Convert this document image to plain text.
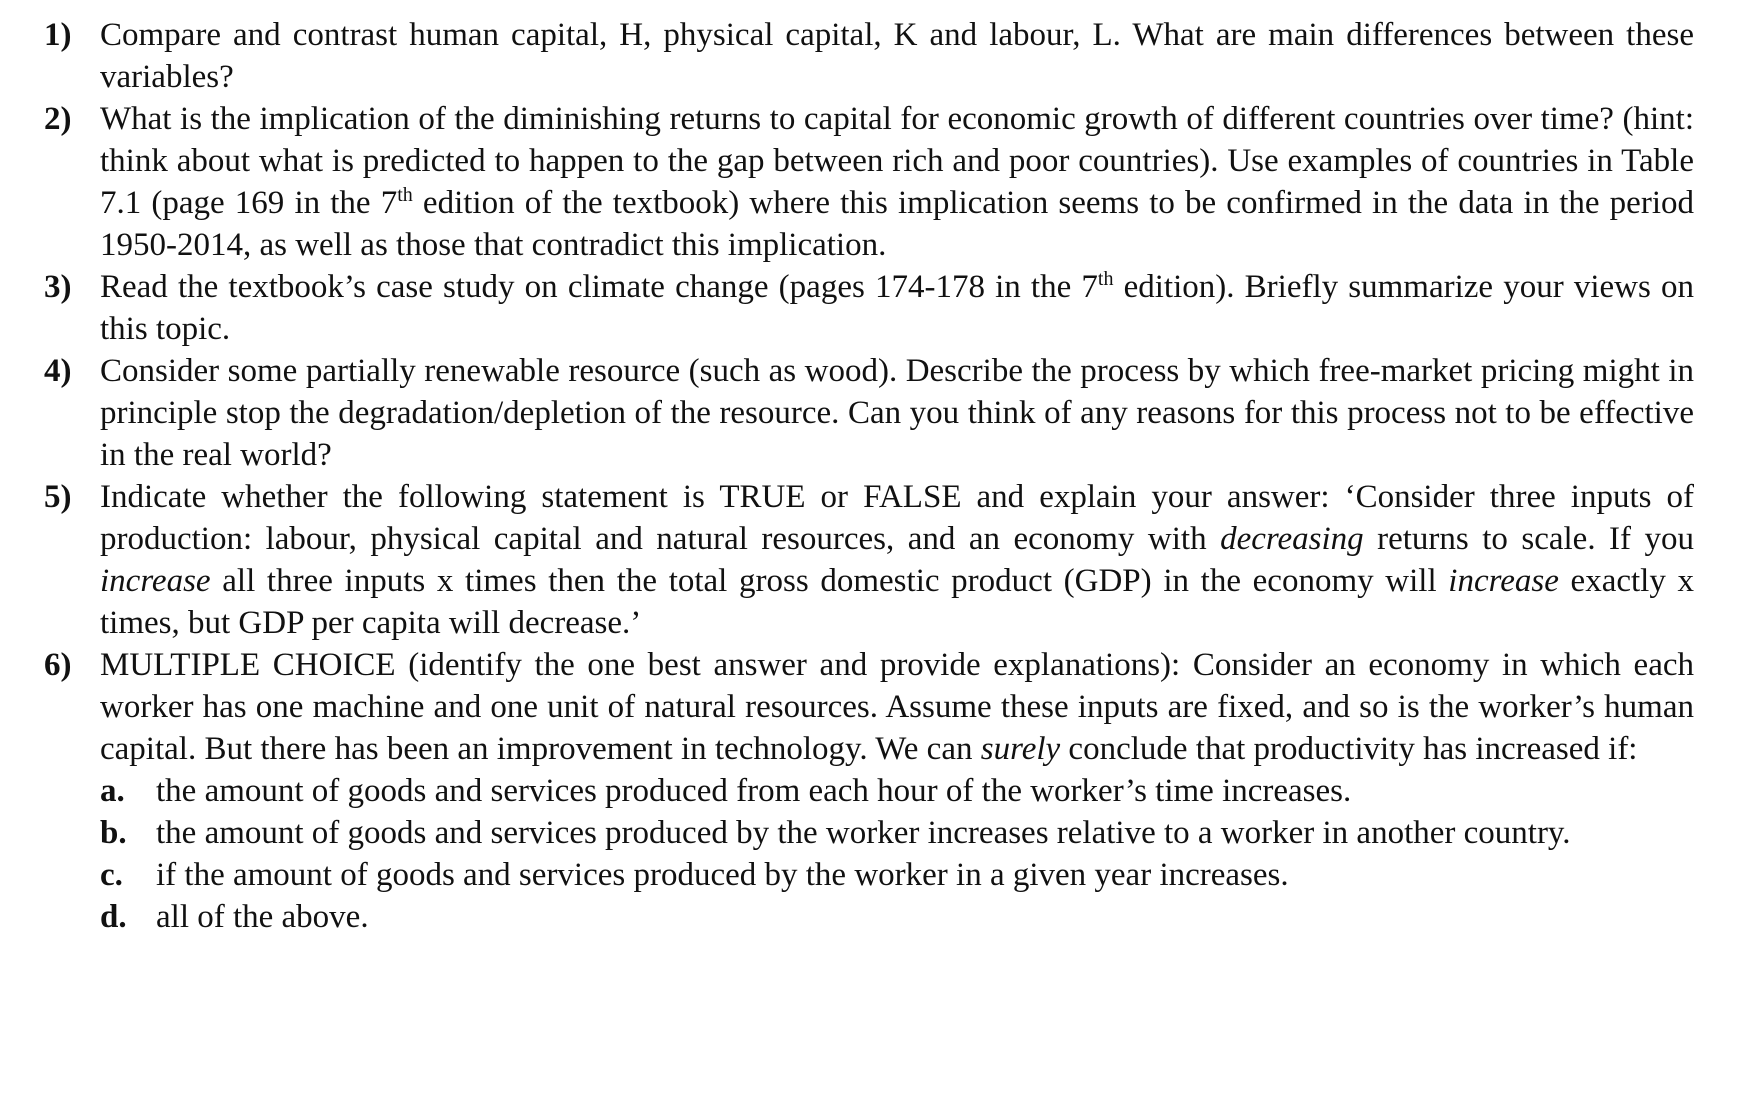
1) Compare and contrast human capital, H, physical capital, K and labour, L. What are main differences between these variables?
2) What is the implication of the diminishing returns to capital for economic growth of different countries over time? (hint: think about what is predicted to happen to the gap between rich and poor countries). Use examples of countries in Table 7.1 (page 169 in the 7th edition of the textbook) where this implication seems to be confirmed in the data in the period 1950-2014, as well as those that contradict this implication.
3) Read the textbook’s case study on climate change (pages 174-178 in the 7th edition). Briefly summarize your views on this topic.
4) Consider some partially renewable resource (such as wood). Describe the process by which free-market pricing might in principle stop the degradation/depletion of the resource. Can you think of any reasons for this process not to be effective in the real world?
5) Indicate whether the following statement is TRUE or FALSE and explain your answer: ‘Consider three inputs of production: labour, physical capital and natural resources, and an economy with decreasing returns to scale. If you increase all three inputs x times then the total gross domestic product (GDP) in the economy will increase exactly x times, but GDP per capita will decrease.’
6) MULTIPLE CHOICE (identify the one best answer and provide explanations): Consider an economy in which each worker has one machine and one unit of natural resources. Assume these inputs are fixed, and so is the worker’s human capital. But there has been an improvement in technology. We can surely conclude that productivity has increased if:
a. the amount of goods and services produced from each hour of the worker’s time increases.
b. the amount of goods and services produced by the worker increases relative to a worker in another country.
c.	if the amount of goods and services produced by the worker in a given year increases.
d. all of the above.
